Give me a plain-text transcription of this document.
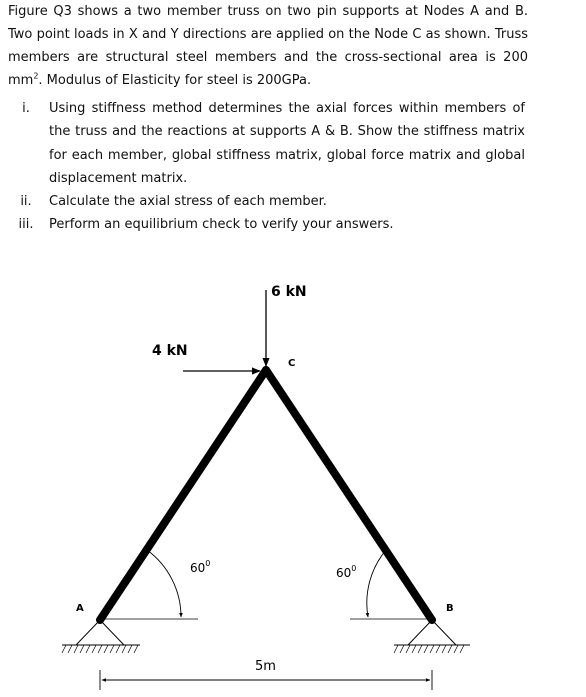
Figure Q3 shows a two member truss on two pin supports at Nodes A and B. Two point loads in X and Y directions are applied on the Node C as shown. Truss members are structural steel members and the cross-sectional area is 200 $mm^2$. Modulus of Elasticity for steel is 200GPa.
i.	Using stiffness method determines the axial forces within members of the truss and the reactions at supports A & B. Show the stiffness matrix for each member, global stiffness matrix, global force matrix and global displacement matrix.
ii.	Calculate the axial stress of each member.
iii. Perform an equilibrium check to verify your answers.
6 kN
4 kN
C
A	B
$60^0$
$60^0$
5m
